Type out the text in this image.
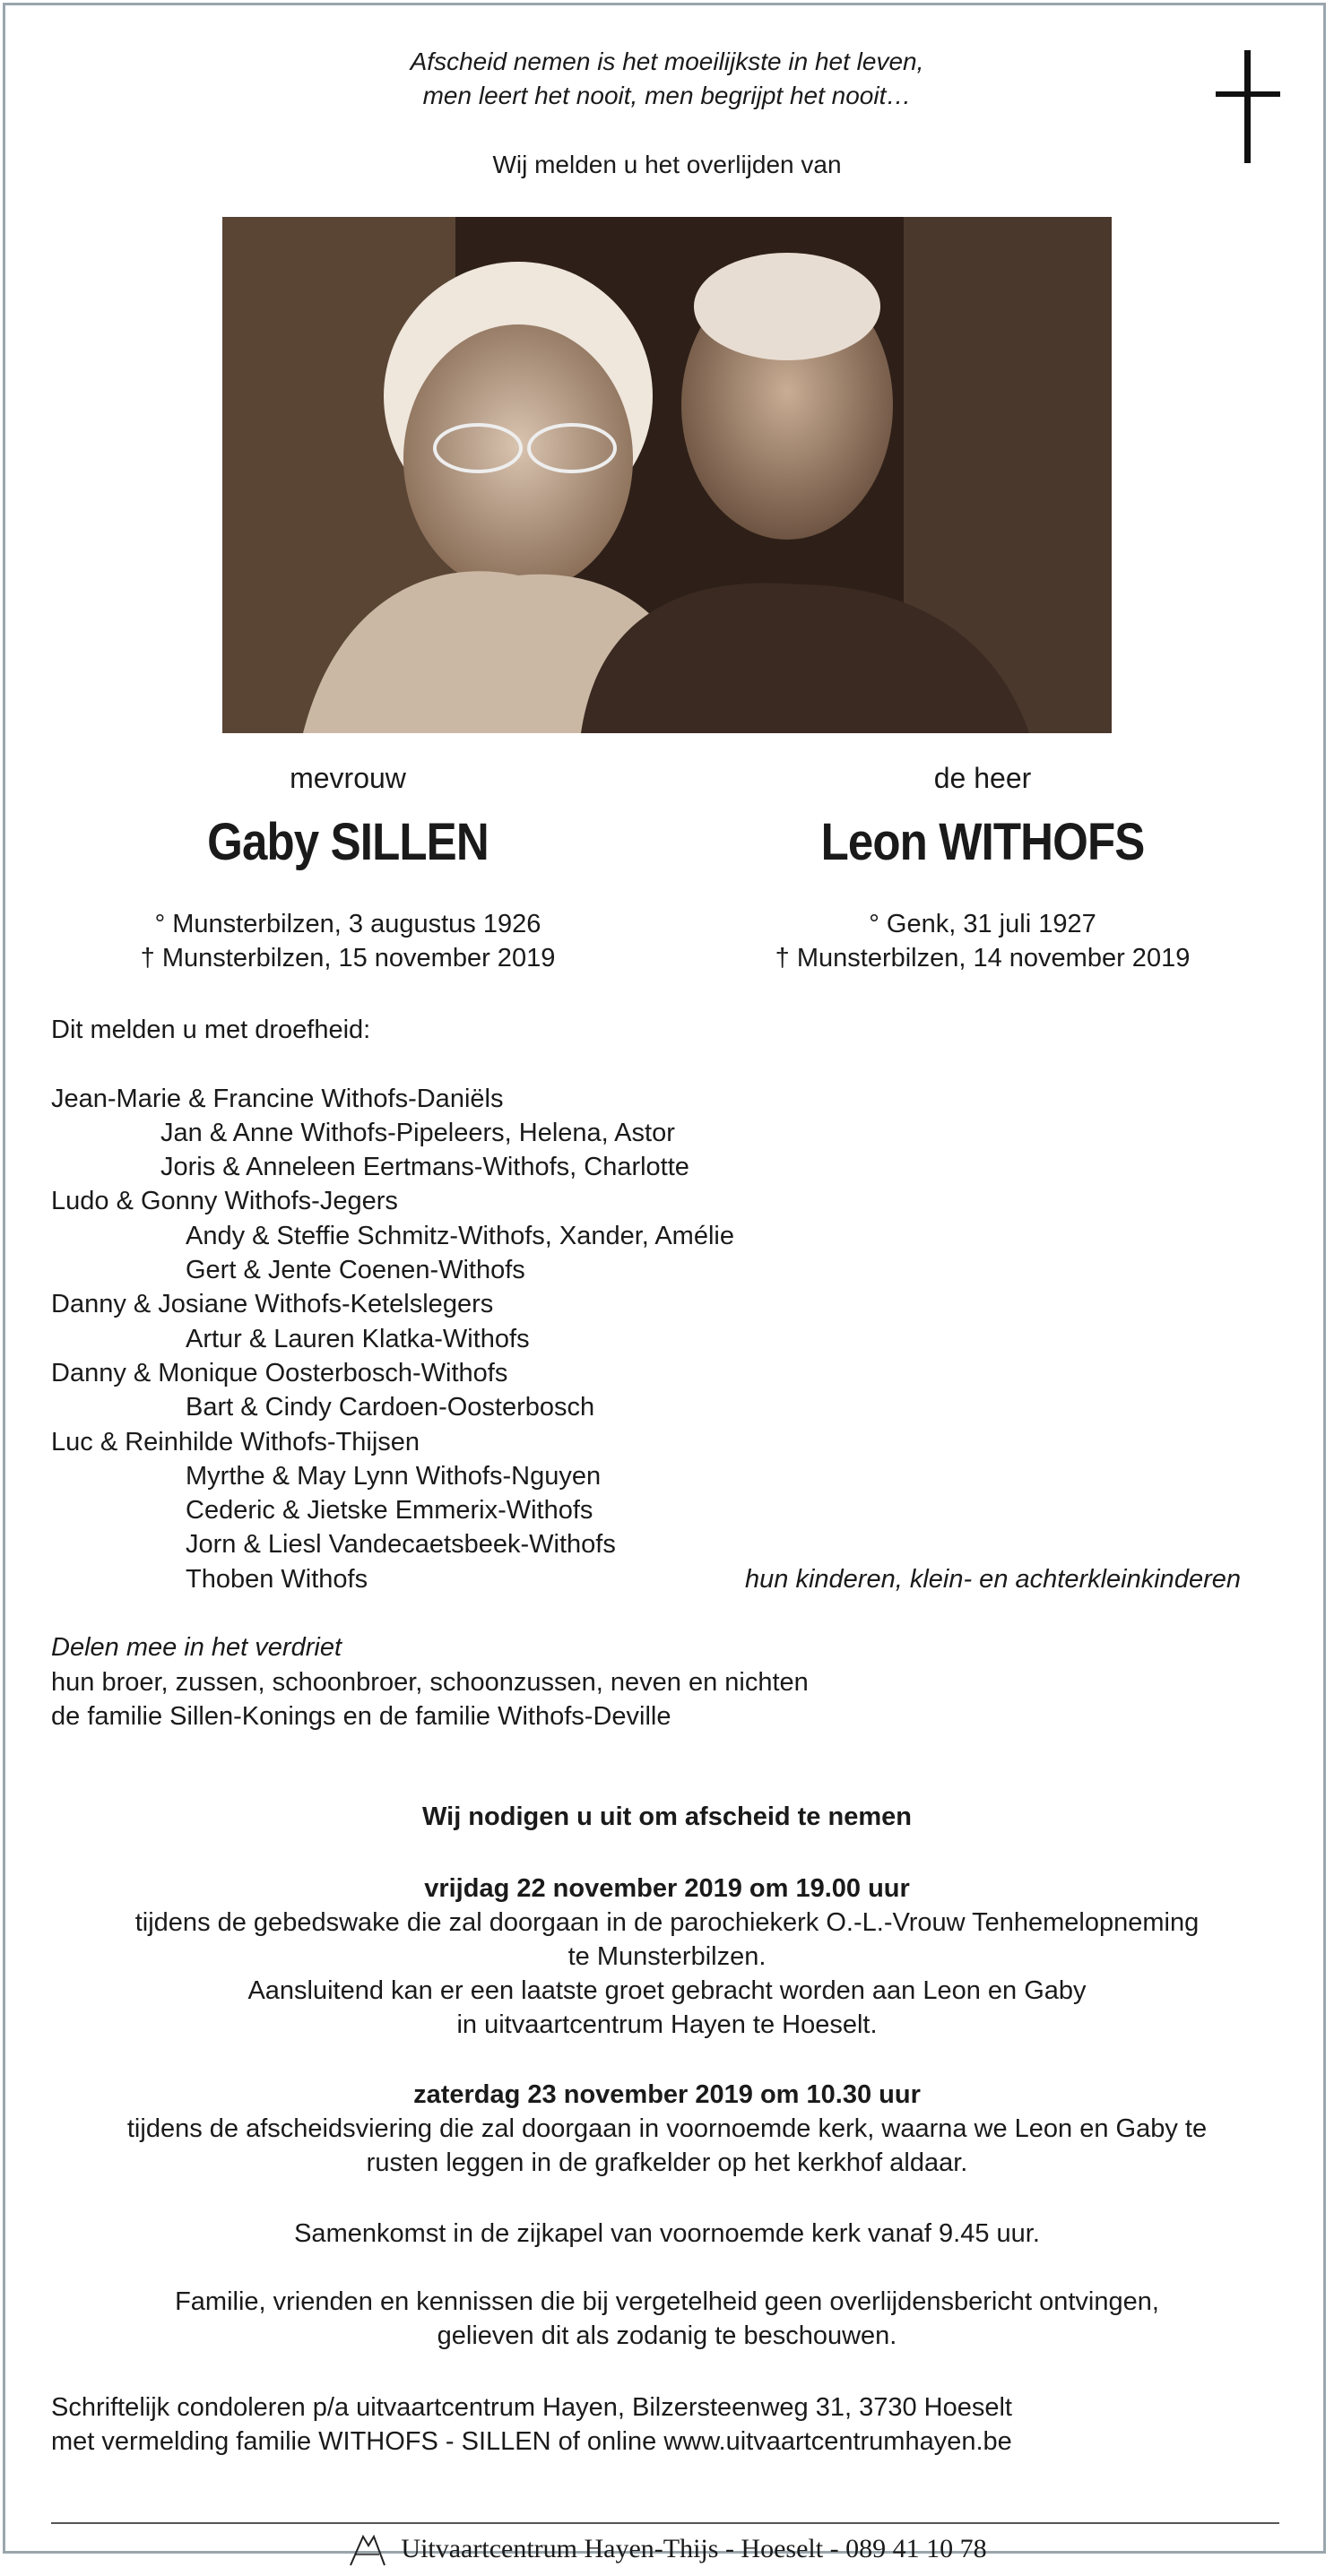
Afscheid nemen is het moeilijkste in het leven,
men leert het nooit, men begrijpt het nooit…
Wij melden u het overlijden van
mevrouw
Gaby SILLEN
° Munsterbilzen, 3 augustus 1926
† Munsterbilzen, 15 november 2019
de heer
Leon WITHOFS
° Genk, 31 juli 1927
† Munsterbilzen, 14 november 2019
Dit melden u met droefheid:
Jean-Marie & Francine Withofs-Daniëls
Jan & Anne Withofs-Pipeleers, Helena, Astor
Joris & Anneleen Eertmans-Withofs, Charlotte
Ludo & Gonny Withofs-Jegers
Andy & Steffie Schmitz-Withofs, Xander, Amélie
Gert & Jente Coenen-Withofs
Danny & Josiane Withofs-Ketelslegers
Artur & Lauren Klatka-Withofs
Danny & Monique Oosterbosch-Withofs
Bart & Cindy Cardoen-Oosterbosch
Luc & Reinhilde Withofs-Thijsen
Myrthe & May Lynn Withofs-Nguyen
Cederic & Jietske Emmerix-Withofs
Jorn & Liesl Vandecaetsbeek-Withofs
Thoben Withofs	hun kinderen, klein- en achterkleinkinderen
Delen mee in het verdriet
hun broer, zussen, schoonbroer, schoonzussen, neven en nichten
de familie Sillen-Konings en de familie Withofs-Deville
Wij nodigen u uit om afscheid te nemen
vrijdag 22 november 2019 om 19.00 uur
tijdens de gebedswake die zal doorgaan in de parochiekerk O.-L.-Vrouw Tenhemelopneming
te Munsterbilzen.
Aansluitend kan er een laatste groet gebracht worden aan Leon en Gaby
in uitvaartcentrum Hayen te Hoeselt.
zaterdag 23 november 2019 om 10.30 uur
tijdens de afscheidsviering die zal doorgaan in voornoemde kerk, waarna we Leon en Gaby te
rusten leggen in de grafkelder op het kerkhof aldaar.
Samenkomst in de zijkapel van voornoemde kerk vanaf 9.45 uur.
Familie, vrienden en kennissen die bij vergetelheid geen overlijdensbericht ontvingen,
gelieven dit als zodanig te beschouwen.
Schriftelijk condoleren p/a uitvaartcentrum Hayen, Bilzersteenweg 31, 3730 Hoeselt
met vermelding familie WITHOFS - SILLEN of online www.uitvaartcentrumhayen.be
Uitvaartcentrum Hayen-Thijs - Hoeselt - 089 41 10 78
